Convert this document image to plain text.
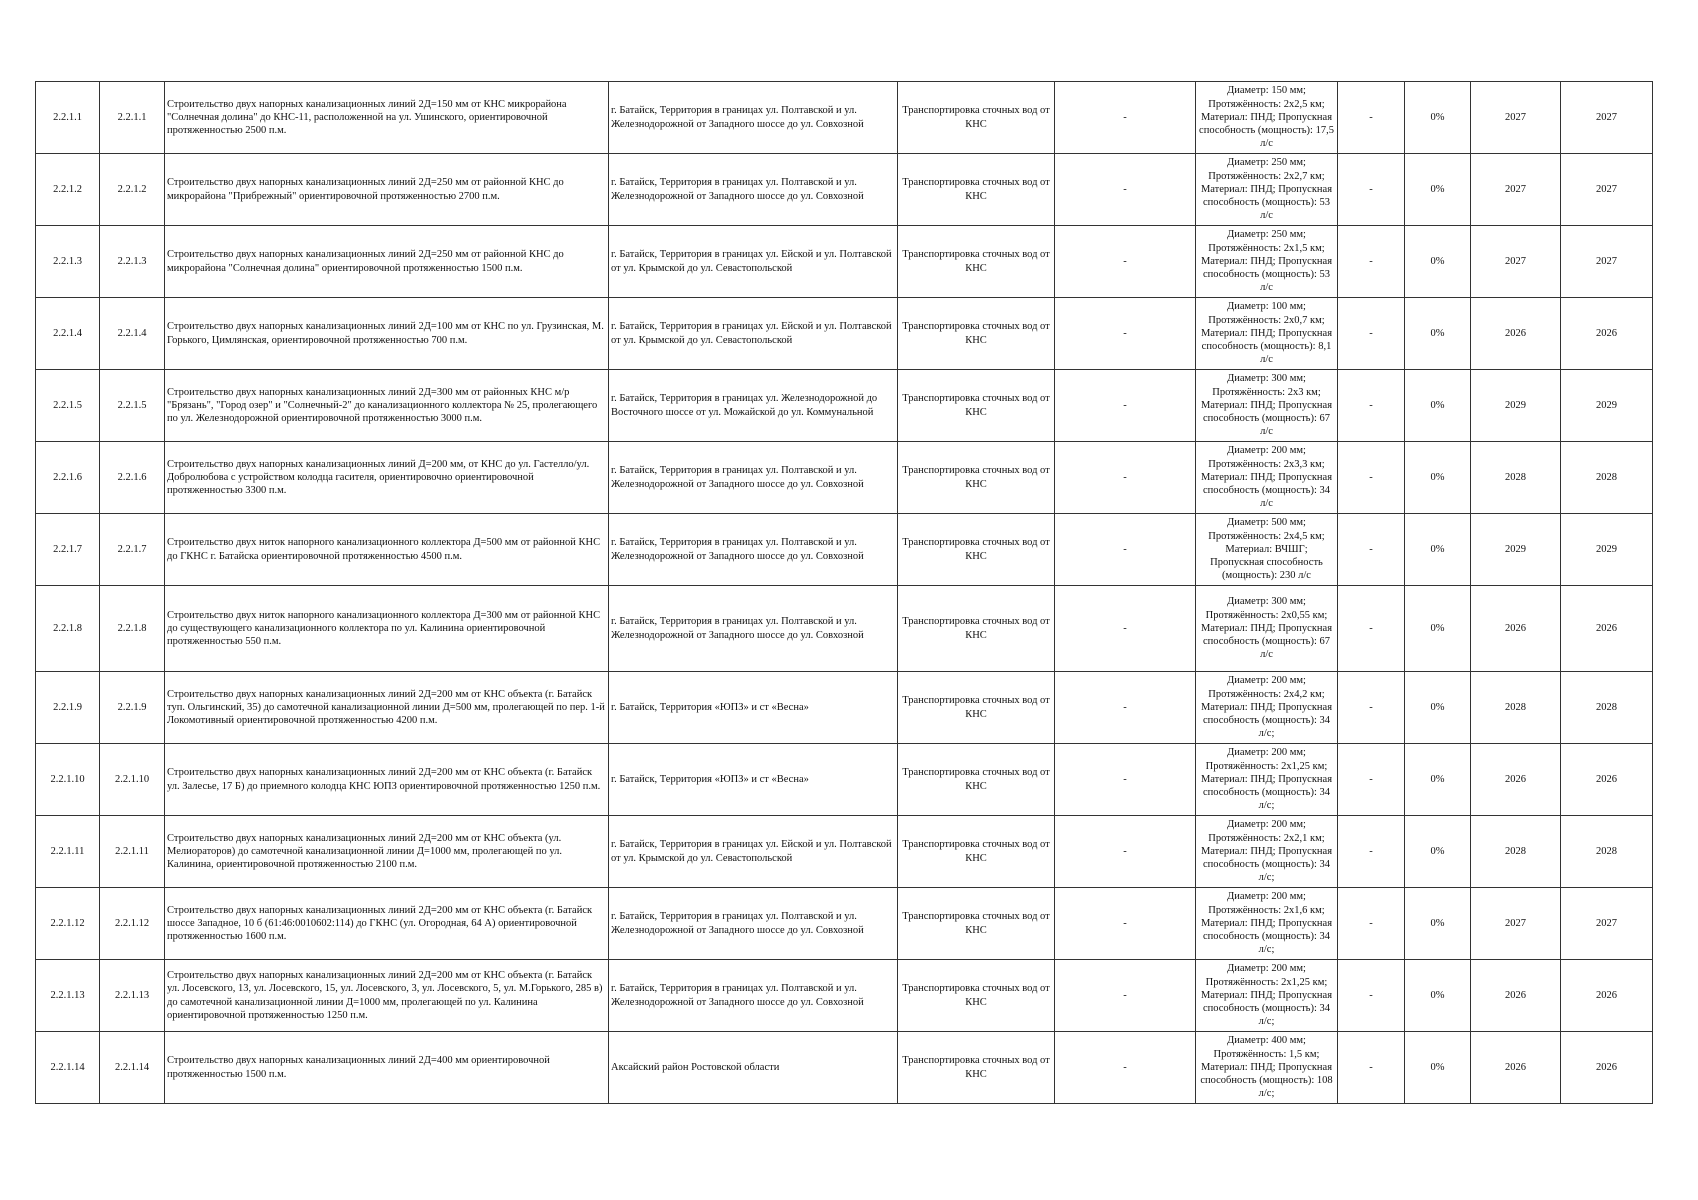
2.2.1.1	2.2.1.1	Строительство двух напорных канализационных линий 2Д=150 мм от КНС микрорайона "Солнечная долина" до КНС-11, расположенной на ул. Ушинского, ориентировочной протяженностью 2500 п.м.	г. Батайск, Территория в границах ул. Полтавской и ул. Железнодорожной от Западного шоссе до ул. Совхозной	Транспортировка сточных вод от КНС	-	Диаметр: 150 мм; Протяжённость: 2х2,5 км; Материал: ПНД; Пропускная способность (мощность): 17,5 л/с	-	0%	2027	2027
2.2.1.2	2.2.1.2	Строительство двух напорных канализационных линий 2Д=250 мм от районной КНС до микрорайона "Прибрежный" ориентировочной протяженностью 2700 п.м.	г. Батайск, Территория в границах ул. Полтавской и ул. Железнодорожной от Западного шоссе до ул. Совхозной	Транспортировка сточных вод от КНС	-	Диаметр: 250 мм; Протяжённость: 2х2,7 км; Материал: ПНД; Пропускная способность (мощность): 53 л/с	-	0%	2027	2027
2.2.1.3	2.2.1.3	Строительство двух напорных канализационных линий 2Д=250 мм от районной КНС до микрорайона "Солнечная долина" ориентировочной протяженностью 1500 п.м.	г. Батайск, Территория в границах ул. Ейской и ул. Полтавской от ул. Крымской до ул. Севастопольской	Транспортировка сточных вод от КНС	-	Диаметр: 250 мм; Протяжённость: 2х1,5 км; Материал: ПНД; Пропускная способность (мощность): 53 л/с	-	0%	2027	2027
2.2.1.4	2.2.1.4	Строительство двух напорных канализационных линий 2Д=100 мм от КНС по ул. Грузинская, М. Горького, Цимлянская, ориентировочной протяженностью 700 п.м.	г. Батайск, Территория в границах ул. Ейской и ул. Полтавской от ул. Крымской до ул. Севастопольской	Транспортировка сточных вод от КНС	-	Диаметр: 100 мм; Протяжённость: 2х0,7 км; Материал: ПНД; Пропускная способность (мощность): 8,1 л/с	-	0%	2026	2026
2.2.1.5	2.2.1.5	Строительство двух напорных канализационных линий 2Д=300 мм от районных КНС м/р "Брязань", "Город озер" и "Солнечный-2" до канализационного коллектора № 25, пролегающего по ул. Железнодорожной ориентировочной протяженностью 3000 п.м.	г. Батайск, Территория в границах ул. Железнодорожной до Восточного шоссе от ул. Можайской до ул. Коммунальной	Транспортировка сточных вод от КНС	-	Диаметр: 300 мм; Протяжённость: 2х3 км; Материал: ПНД; Пропускная способность (мощность): 67 л/с	-	0%	2029	2029
2.2.1.6	2.2.1.6	Строительство двух напорных канализационных линий Д=200 мм, от КНС до ул. Гастелло/ул. Добролюбова с устройством колодца гасителя, ориентировочно ориентировочной протяженностью 3300 п.м.	г. Батайск, Территория в границах ул. Полтавской и ул. Железнодорожной от Западного шоссе до ул. Совхозной	Транспортировка сточных вод от КНС	-	Диаметр: 200 мм; Протяжённость: 2х3,3 км; Материал: ПНД; Пропускная способность (мощность): 34 л/с	-	0%	2028	2028
2.2.1.7	2.2.1.7	Строительство двух ниток напорного канализационного коллектора Д=500 мм от районной КНС до ГКНС г. Батайска ориентировочной протяженностью 4500 п.м.	г. Батайск, Территория в границах ул. Полтавской и ул. Железнодорожной от Западного шоссе до ул. Совхозной	Транспортировка сточных вод от КНС	-	Диаметр: 500 мм; Протяжённость: 2х4,5 км; Материал: ВЧШГ; Пропускная способность (мощность): 230 л/с	-	0%	2029	2029
2.2.1.8	2.2.1.8	Строительство двух ниток напорного канализационного коллектора Д=300 мм от районной КНС до существующего канализационного коллектора по ул. Калинина ориентировочной протяженностью 550 п.м.	г. Батайск, Территория в границах ул. Полтавской и ул. Железнодорожной от Западного шоссе до ул. Совхозной	Транспортировка сточных вод от КНС	-	Диаметр: 300 мм; Протяжённость: 2х0,55 км; Материал: ПНД; Пропускная способность (мощность): 67 л/с	-	0%	2026	2026
2.2.1.9	2.2.1.9	Строительство двух напорных канализационных линий 2Д=200 мм от КНС объекта (г. Батайск туп. Ольгинский, 35) до самотечной канализационной линии Д=500 мм, пролегающей по пер. 1-й Локомотивный ориентировочной протяженностью 4200 п.м.	г. Батайск, Территория «ЮПЗ» и ст «Весна»	Транспортировка сточных вод от КНС	-	Диаметр: 200 мм; Протяжённость: 2х4,2 км; Материал: ПНД; Пропускная способность (мощность): 34 л/с;	-	0%	2028	2028
2.2.1.10	2.2.1.10	Строительство двух напорных канализационных линий 2Д=200 мм от КНС объекта (г. Батайск ул. Залесье, 17 Б) до приемного колодца КНС ЮПЗ ориентировочной протяженностью 1250 п.м.	г. Батайск, Территория «ЮПЗ» и ст «Весна»	Транспортировка сточных вод от КНС	-	Диаметр: 200 мм; Протяжённость: 2х1,25 км; Материал: ПНД; Пропускная способность (мощность): 34 л/с;	-	0%	2026	2026
2.2.1.11	2.2.1.11	Строительство двух напорных канализационных линий 2Д=200 мм от КНС объекта (ул. Мелиораторов) до самотечной канализационной линии Д=1000 мм, пролегающей по ул. Калинина, ориентировочной протяженностью 2100 п.м.	г. Батайск, Территория в границах ул. Ейской и ул. Полтавской от ул. Крымской до ул. Севастопольской	Транспортировка сточных вод от КНС	-	Диаметр: 200 мм; Протяжённость: 2х2,1 км; Материал: ПНД; Пропускная способность (мощность): 34 л/с;	-	0%	2028	2028
2.2.1.12	2.2.1.12	Строительство двух напорных канализационных линий 2Д=200 мм от КНС объекта (г. Батайск шоссе Западное, 10 б (61:46:0010602:114) до ГКНС (ул. Огородная, 64 А) ориентировочной протяженностью 1600 п.м.	г. Батайск, Территория в границах ул. Полтавской и ул. Железнодорожной от Западного шоссе до ул. Совхозной	Транспортировка сточных вод от КНС	-	Диаметр: 200 мм; Протяжённость: 2х1,6 км; Материал: ПНД; Пропускная способность (мощность): 34 л/с;	-	0%	2027	2027
2.2.1.13	2.2.1.13	Строительство двух напорных канализационных линий 2Д=200 мм от КНС объекта (г. Батайск ул. Лосевского, 13, ул. Лосевского, 15, ул. Лосевского, 3, ул. Лосевского, 5, ул. М.Горького, 285 в) до самотечной канализационной линии Д=1000 мм, пролегающей по ул. Калинина ориентировочной протяженностью 1250 п.м.	г. Батайск, Территория в границах ул. Полтавской и ул. Железнодорожной от Западного шоссе до ул. Совхозной	Транспортировка сточных вод от КНС	-	Диаметр: 200 мм; Протяжённость: 2х1,25 км; Материал: ПНД; Пропускная способность (мощность): 34 л/с;	-	0%	2026	2026
2.2.1.14	2.2.1.14	Строительство двух напорных канализационных линий 2Д=400 мм ориентировочной протяженностью 1500 п.м.	Аксайский район Ростовской области	Транспортировка сточных вод от КНС	-	Диаметр: 400 мм; Протяжённость: 1,5 км; Материал: ПНД; Пропускная способность (мощность): 108 л/с;	-	0%	2026	2026
